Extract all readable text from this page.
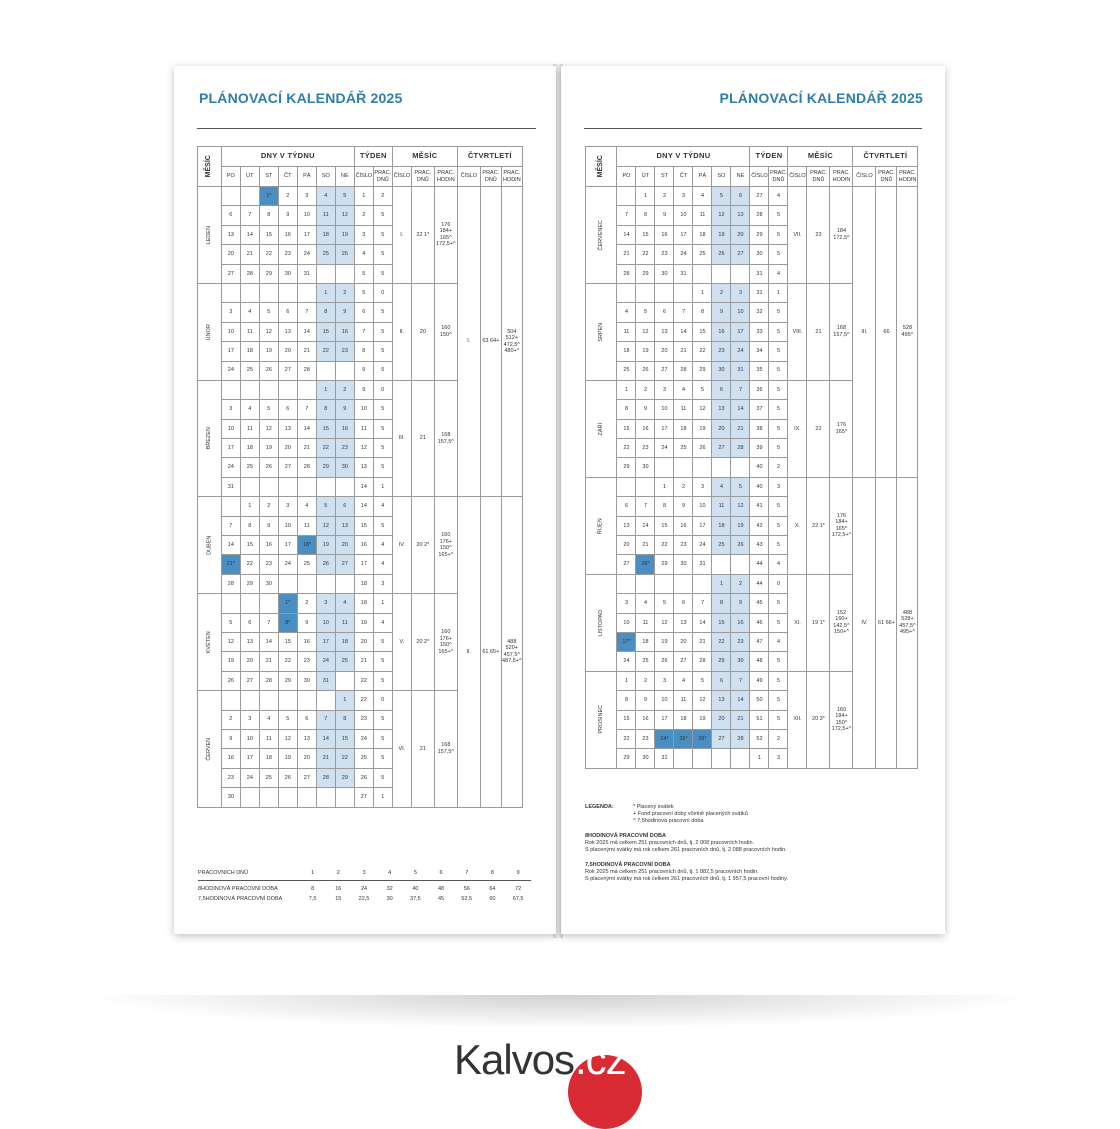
PLÁNOVACÍ KALENDÁŘ 2025
MĚSÍC	DNY V TÝDNU							TÝDEN		MĚSÍC			ČTVRTLETÍ		
	PO	ÚT	ST	ČT	PÁ	SO	NE	ČÍSLO	PRAC. DNŮ	ČÍSLO	PRAC. DNŮ	PRAC. HODIN	ČÍSLO	PRAC. DNŮ	PRAC. HODIN
LEDEN			1*	2	3	4	5	1	2	I.	22 1*	176 184+ 165^ 172,5+^	I.	63 64+	504 512+ 472,5^ 480+^
	6	7	8	9	10	11	12	2	5						
	13	14	15	16	17	18	19	3	5						
	20	21	22	23	24	25	26	4	5						
	27	28	29	30	31			5	5						
ÚNOR						1	2	5	0	II.	20	160 150^			
	3	4	5	6	7	8	9	6	5						
	10	11	12	13	14	15	16	7	5						
	17	18	19	20	21	22	23	8	5						
	24	25	26	27	28			9	5						
BŘEZEN						1	2	9	0	III.	21	168 157,5^			
	3	4	5	6	7	8	9	10	5						
	10	11	12	13	14	15	16	11	5						
	17	18	19	20	21	22	23	12	5						
	24	25	26	27	28	29	30	13	5						
	31							14	1						
DUBEN		1	2	3	4	5	6	14	4	IV.	20 2*	160 176+ 150^ 165+^	II.	61 65+	488 520+ 457,5^ 487,5+^
	7	8	9	10	11	12	13	15	5						
	14	15	16	17	18*	19	20	16	4						
	21*	22	23	24	25	26	27	17	4						
	28	29	30					18	3						
KVĚTEN				1*	2	3	4	18	1	V.	20 2*	160 176+ 150^ 165+^			
	5	6	7	8*	9	10	11	19	4						
	12	13	14	15	16	17	18	20	5						
	19	20	21	22	23	24	25	21	5						
	26	27	28	29	30	31		22	5						
ČERVEN							1	22	0	VI.	21	168 157,5^			
	2	3	4	5	6	7	8	23	5						
	9	10	11	12	13	14	15	24	5						
	16	17	18	19	20	21	22	25	5						
	23	24	25	26	27	28	29	26	5						
	30							27	1						
PRACOVNÍCH DNŮ	1	2	3	4	5	6	7	8	9
8HODINOVÁ PRACOVNÍ DOBA	8	16	24	32	40	48	56	64	72
7,5HODINOVÁ PRACOVNÍ DOBA	7,5	15	22,5	30	37,5	45	52,5	60	67,5
PLÁNOVACÍ KALENDÁŘ 2025
MĚSÍC	DNY V TÝDNU							TÝDEN		MĚSÍC			ČTVRTLETÍ		
	PO	ÚT	ST	ČT	PÁ	SO	NE	ČÍSLO	PRAC. DNŮ	ČÍSLO	PRAC. DNŮ	PRAC. HODIN	ČÍSLO	PRAC. DNŮ	PRAC. HODIN
ČERVENEC		1	2	3	4	5	6	27	4	VII.	23	184 172,5^	III.	66	528 495^
	7	8	9	10	11	12	13	28	5						
	14	15	16	17	18	19	20	29	5						
	21	22	23	24	25	26	27	30	5						
	28	29	30	31				31	4						
SRPEN					1	2	3	31	1	VIII.	21	168 157,5^			
	4	5	6	7	8	9	10	32	5						
	11	12	13	14	15	16	17	33	5						
	18	19	20	21	22	23	24	34	5						
	25	26	27	28	29	30	31	35	5						
ZÁŘÍ	1	2	3	4	5	6	7	36	5	IX.	22	176 165^			
	8	9	10	11	12	13	14	37	5						
	15	16	17	18	19	20	21	38	5						
	22	23	24	25	26	27	28	39	5						
	29	30						40	2						
ŘÍJEN			1	2	3	4	5	40	3	X.	22 1*	176 184+ 165^ 172,5+^	IV.	61 66+	488 528+ 457,5^ 495+^
	6	7	8	9	10	11	12	41	5						
	13	14	15	16	17	18	19	42	5						
	20	21	22	23	24	25	26	43	5						
	27	28*	29	30	31			44	4						
LISTOPAD						1	2	44	0	XI.	19 1*	152 160+ 142,5^ 150+^			
	3	4	5	6	7	8	9	45	5						
	10	11	12	13	14	15	16	46	5						
	17*	18	19	20	21	22	23	47	4						
	24	25	26	27	28	29	30	48	5						
PROSINEC	1	2	3	4	5	6	7	49	5	XII.	20 3*	160 184+ 150^ 172,5+^			
	8	9	10	11	12	13	14	50	5						
	15	16	17	18	19	20	21	51	5						
	22	23	24*	25*	26*	27	28	52	2						
	29	30	31					1	3						
LEGENDA:	* Placený svátek

+ Fond pracovní doby včetně placených svátků

^ 7,5hodinová pracovní doba

8HODINOVÁ PRACOVNÍ DOBA

Rok 2025 má celkem 251 pracovních dnů, tj. 2 008 pracovních hodin.

S placenými svátky má rok celkem 261 pracovních dnů, tj. 2 088 pracovních hodin.

7,5HODINOVÁ PRACOVNÍ DOBA

Rok 2025 má celkem 251 pracovních dnů, tj. 1 882,5 pracovních hodin.

S placenými svátky má rok celkem 261 pracovních dnů, tj. 1 957,5 pracovní hodiny.

Kalvos .cz
